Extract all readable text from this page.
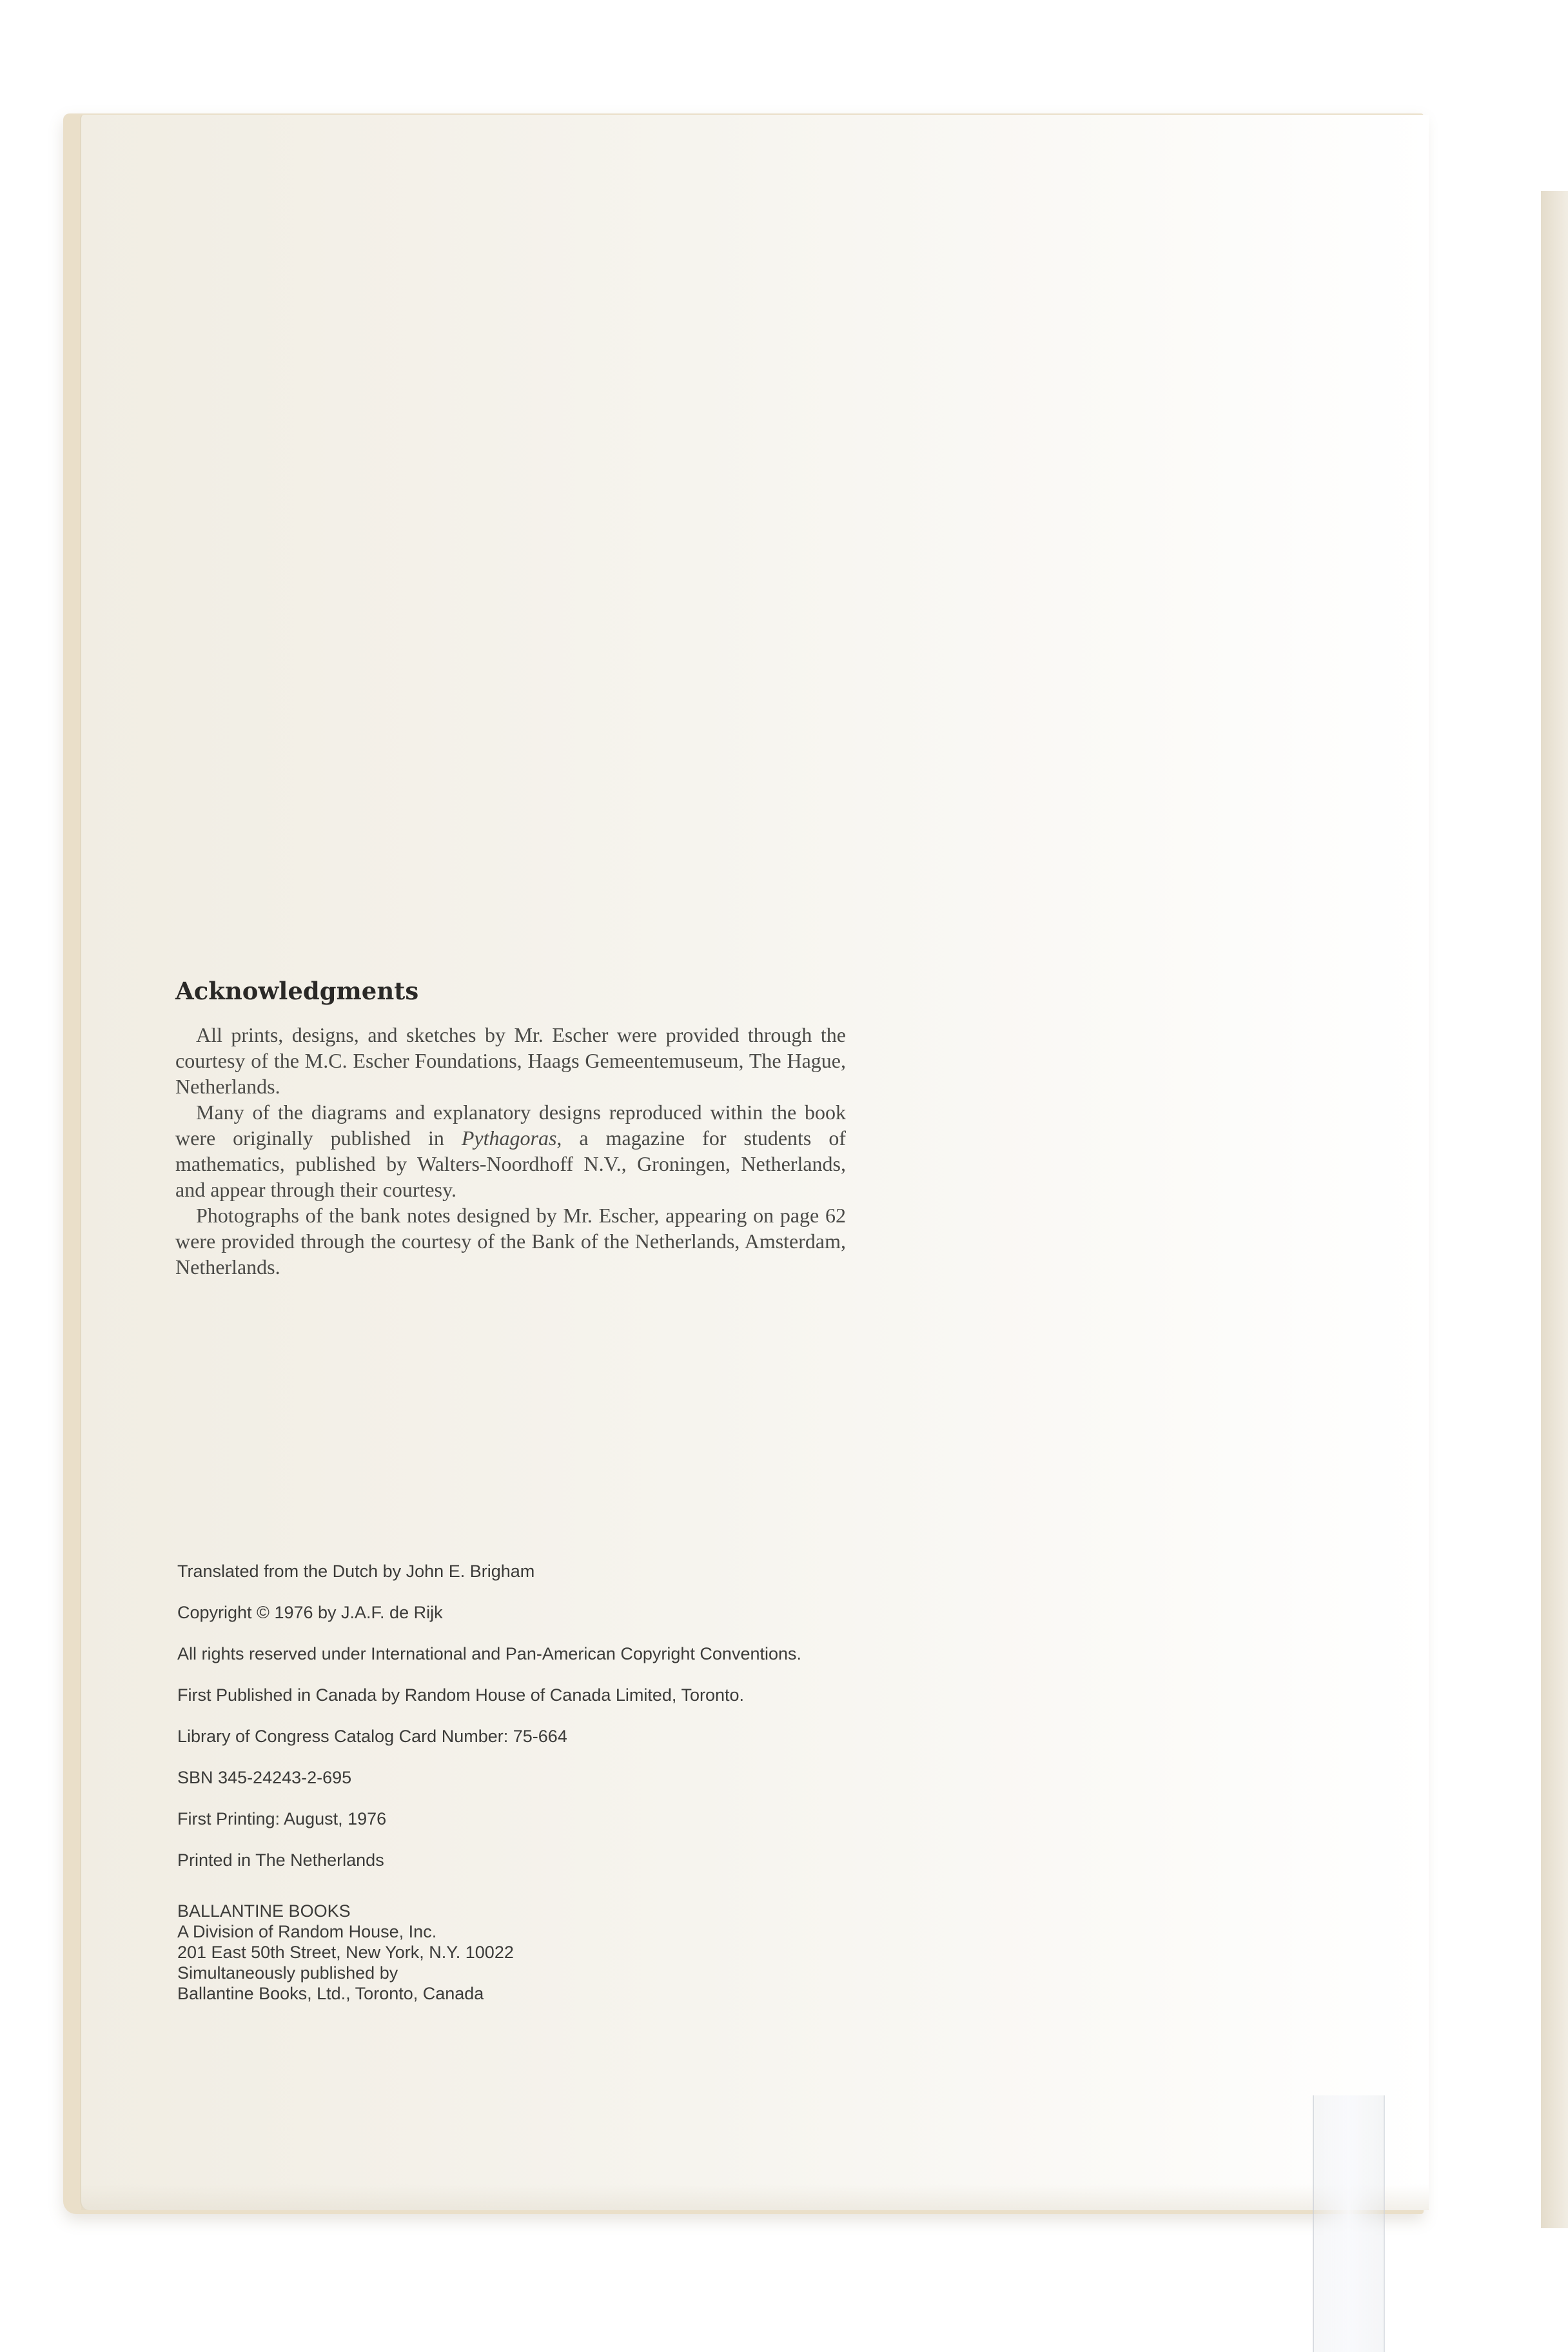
Acknowledgments

All prints, designs, and sketches by Mr. Escher were provided through the courtesy of the M.C. Escher Foundations, Haags Gemeentemuseum, The Hague, Netherlands.

Many of the diagrams and explanatory designs reproduced within the book were originally published in Pythagoras, a magazine for students of mathematics, published by Walters-Noordhoff N.V., Groningen, Netherlands, and appear through their courtesy.

Photographs of the bank notes designed by Mr. Escher, appearing on page 62 were provided through the courtesy of the Bank of the Netherlands, Amsterdam, Netherlands.

Translated from the Dutch by John E. Brigham
Copyright © 1976 by J.A.F. de Rijk
All rights reserved under International and Pan-American Copyright Conventions.
First Published in Canada by Random House of Canada Limited, Toronto.
Library of Congress Catalog Card Number: 75-664
SBN 345-24243-2-695
First Printing: August, 1976
Printed in The Netherlands
BALLANTINE BOOKS
A Division of Random House, Inc.
201 East 50th Street, New York, N.Y. 10022
Simultaneously published by
Ballantine Books, Ltd., Toronto, Canada
